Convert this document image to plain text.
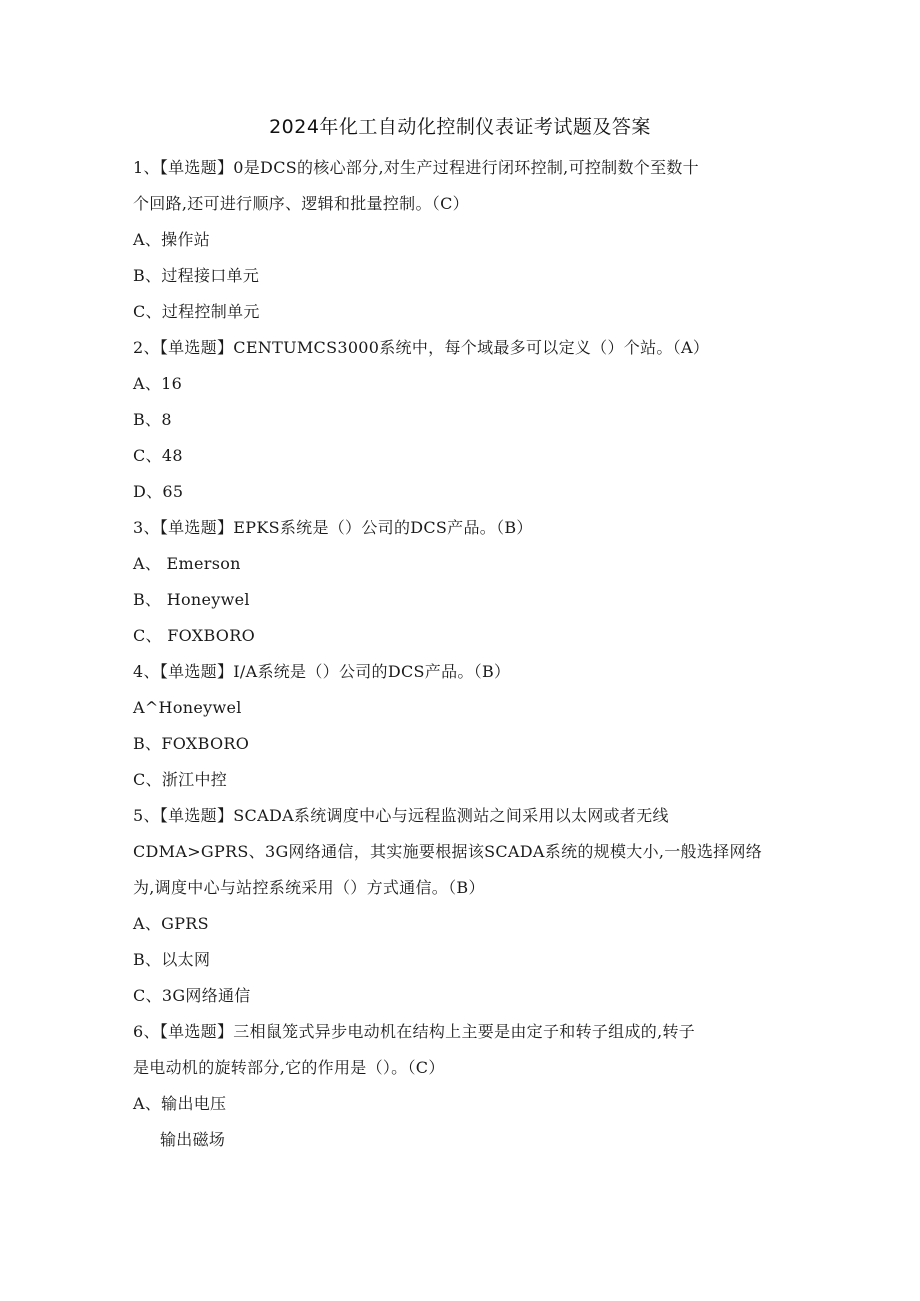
2024年化工自动化控制仪表证考试题及答案
1、【单选题】0是DCS的核心部分,对生产过程进行闭环控制,可控制数个至数十
个回路,还可进行顺序、逻辑和批量控制。（C）
A、操作站
B、过程接口单元
C、过程控制单元
2、【单选题】CENTUMCS3000系统中，每个域最多可以定义（）个站。（A）
A、16
B、8
C、48
D、65
3、【单选题】EPKS系统是（）公司的DCS产品。（B）
A、 Emerson
B、 Honeywel
C、 FOXBORO
4、【单选题】I/A系统是（）公司的DCS产品。（B）
A^Honeywel
B、FOXBORO
C、浙江中控
5、【单选题】SCADA系统调度中心与远程监测站之间采用以太网或者无线
CDMA>GPRS、3G网络通信，其实施要根据该SCADA系统的规模大小,一般选择网络
为,调度中心与站控系统采用（）方式通信。（B）
A、GPRS
B、以太网
C、3G网络通信
6、【单选题】三相鼠笼式异步电动机在结构上主要是由定子和转子组成的,转子
是电动机的旋转部分,它的作用是（）。（C）
A、输出电压
输出磁场
